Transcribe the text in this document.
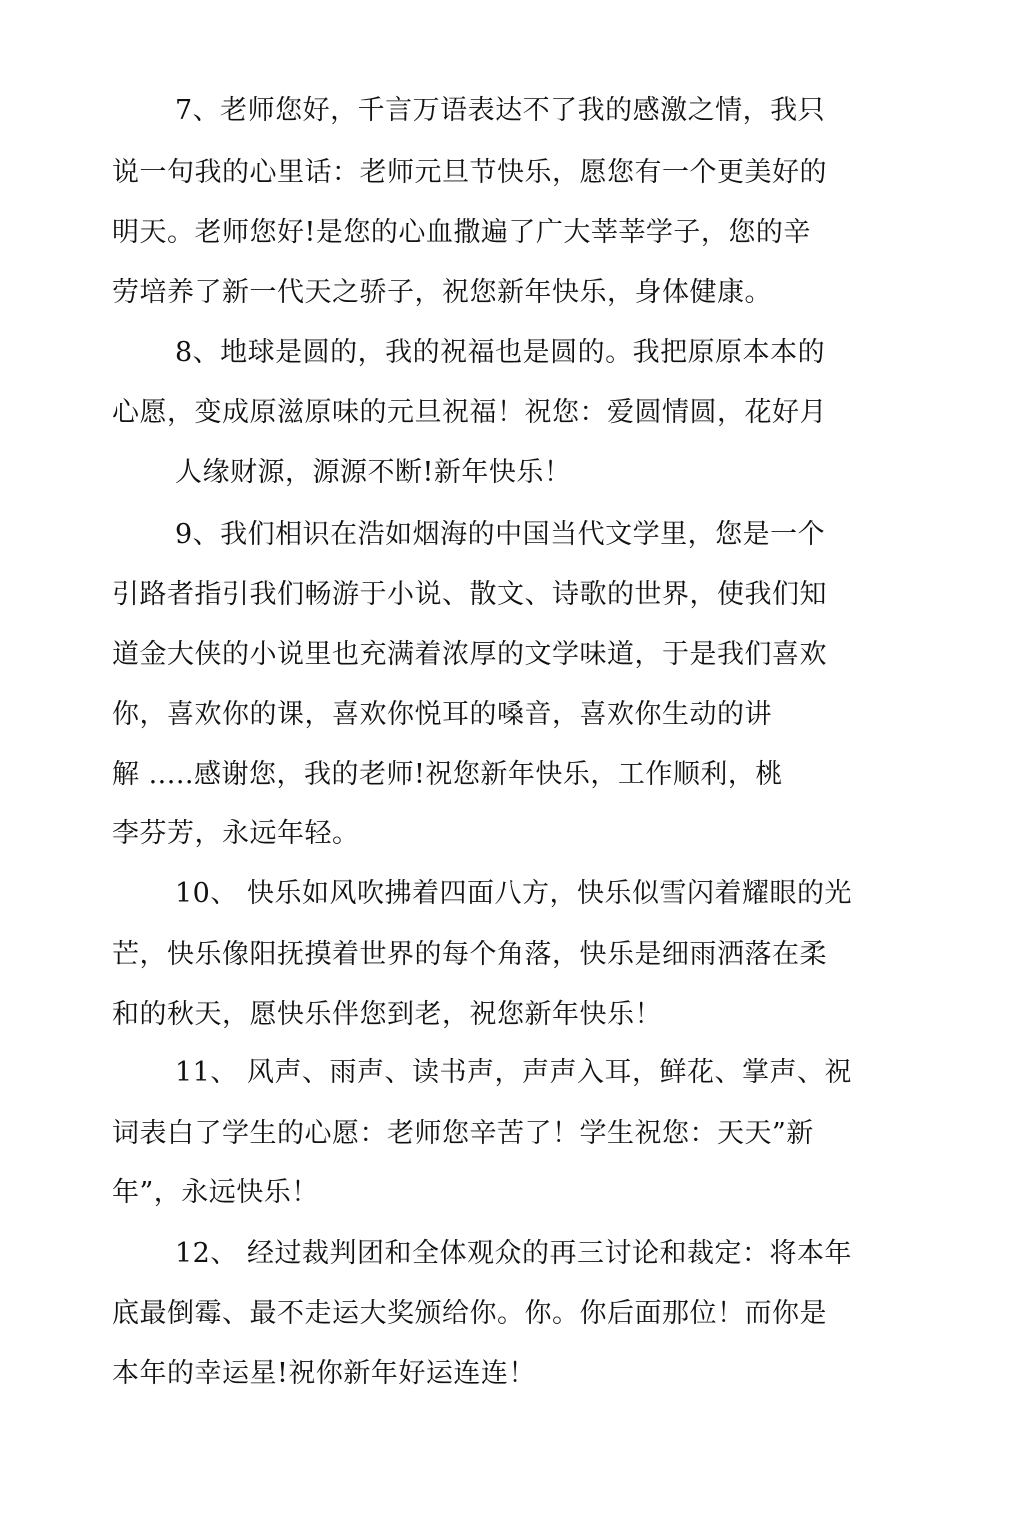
7、老师您好，千言万语表达不了我的感激之情，我只
说一句我的心里话：老师元旦节快乐，愿您有一个更美好的
明天。老师您好!是您的心血撒遍了广大莘莘学子，您的辛
劳培养了新一代天之骄子，祝您新年快乐，身体健康。
8、地球是圆的，我的祝福也是圆的。我把原原本本的
心愿，变成原滋原味的元旦祝福！祝您：爱圆情圆，花好月
人缘财源，源源不断!新年快乐！
9、我们相识在浩如烟海的中国当代文学里，您是一个
引路者指引我们畅游于小说、散文、诗歌的世界，使我们知
道金大侠的小说里也充满着浓厚的文学味道，于是我们喜欢
你，喜欢你的课，喜欢你悦耳的嗓音，喜欢你生动的讲
解 .....感谢您，我的老师!祝您新年快乐，工作顺利，桃
李芬芳，永远年轻。
10、 快乐如风吹拂着四面八方，快乐似雪闪着耀眼的光
芒，快乐像阳抚摸着世界的每个角落，快乐是细雨洒落在柔
和的秋天，愿快乐伴您到老，祝您新年快乐！
11、 风声、雨声、读书声，声声入耳，鲜花、掌声、祝
词表白了学生的心愿：老师您辛苦了！学生祝您：天天”新
年”，永远快乐！
12、 经过裁判团和全体观众的再三讨论和裁定：将本年
底最倒霉、最不走运大奖颁给你。你。你后面那位！而你是
本年的幸运星!祝你新年好运连连！
